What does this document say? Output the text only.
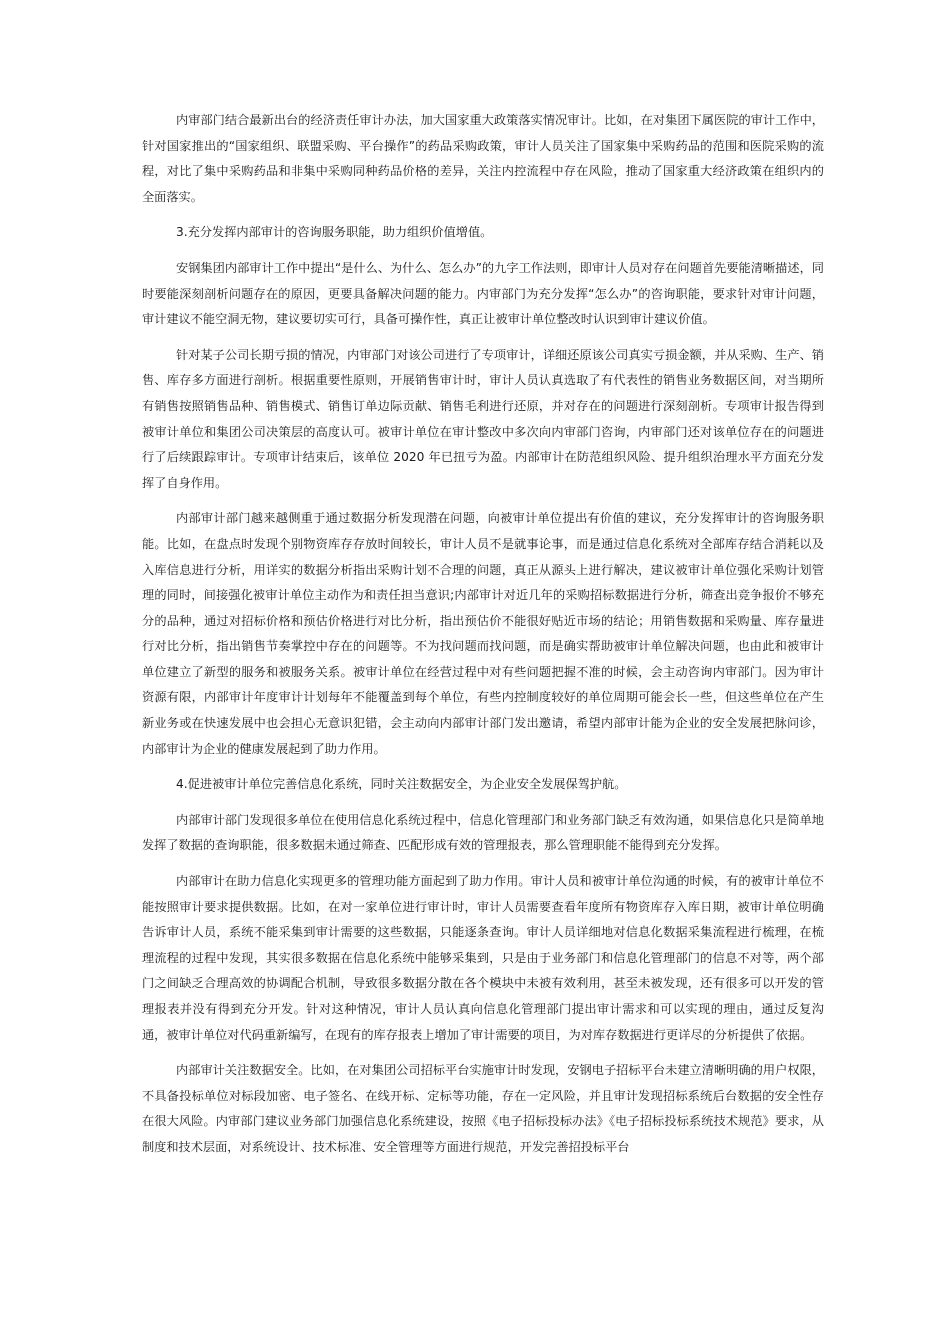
内审部门结合最新出台的经济责任审计办法，加大国家重大政策落实情况审计。比如，在对集团下属医院的审计工作中，针对国家推出的“国家组织、联盟采购、平台操作”的药品采购政策，审计人员关注了国家集中采购药品的范围和医院采购的流程，对比了集中采购药品和非集中采购同种药品价格的差异，关注内控流程中存在风险，推动了国家重大经济政策在组织内的全面落实。

3.充分发挥内部审计的咨询服务职能，助力组织价值增值。

安钢集团内部审计工作中提出“是什么、为什么、怎么办”的九字工作法则，即审计人员对存在问题首先要能清晰描述，同时要能深刻剖析问题存在的原因，更要具备解决问题的能力。内审部门为充分发挥“怎么办”的咨询职能，要求针对审计问题，审计建议不能空洞无物，建议要切实可行，具备可操作性，真正让被审计单位整改时认识到审计建议价值。

针对某子公司长期亏损的情况，内审部门对该公司进行了专项审计，详细还原该公司真实亏损金额，并从采购、生产、销售、库存多方面进行剖析。根据重要性原则，开展销售审计时，审计人员认真选取了有代表性的销售业务数据区间，对当期所有销售按照销售品种、销售模式、销售订单边际贡献、销售毛利进行还原，并对存在的问题进行深刻剖析。专项审计报告得到被审计单位和集团公司决策层的高度认可。被审计单位在审计整改中多次向内审部门咨询，内审部门还对该单位存在的问题进行了后续跟踪审计。专项审计结束后，该单位 2020 年已扭亏为盈。内部审计在防范组织风险、提升组织治理水平方面充分发挥了自身作用。

内部审计部门越来越侧重于通过数据分析发现潜在问题，向被审计单位提出有价值的建议，充分发挥审计的咨询服务职能。比如，在盘点时发现个别物资库存存放时间较长，审计人员不是就事论事，而是通过信息化系统对全部库存结合消耗以及入库信息进行分析，用详实的数据分析指出采购计划不合理的问题，真正从源头上进行解决，建议被审计单位强化采购计划管理的同时，间接强化被审计单位主动作为和责任担当意识;内部审计对近几年的采购招标数据进行分析，筛查出竞争报价不够充分的品种，通过对招标价格和预估价格进行对比分析，指出预估价不能很好贴近市场的结论；用销售数据和采购量、库存量进行对比分析，指出销售节奏掌控中存在的问题等。不为找问题而找问题，而是确实帮助被审计单位解决问题，也由此和被审计单位建立了新型的服务和被服务关系。被审计单位在经营过程中对有些问题把握不准的时候，会主动咨询内审部门。因为审计资源有限，内部审计年度审计计划每年不能覆盖到每个单位，有些内控制度较好的单位周期可能会长一些，但这些单位在产生新业务或在快速发展中也会担心无意识犯错，会主动向内部审计部门发出邀请，希望内部审计能为企业的安全发展把脉问诊，内部审计为企业的健康发展起到了助力作用。

4.促进被审计单位完善信息化系统，同时关注数据安全，为企业安全发展保驾护航。

内部审计部门发现很多单位在使用信息化系统过程中，信息化管理部门和业务部门缺乏有效沟通，如果信息化只是简单地发挥了数据的查询职能，很多数据未通过筛查、匹配形成有效的管理报表，那么管理职能不能得到充分发挥。

内部审计在助力信息化实现更多的管理功能方面起到了助力作用。审计人员和被审计单位沟通的时候，有的被审计单位不能按照审计要求提供数据。比如，在对一家单位进行审计时，审计人员需要查看年度所有物资库存入库日期，被审计单位明确告诉审计人员，系统不能采集到审计需要的这些数据，只能逐条查询。审计人员详细地对信息化数据采集流程进行梳理，在梳理流程的过程中发现，其实很多数据在信息化系统中能够采集到，只是由于业务部门和信息化管理部门的信息不对等，两个部门之间缺乏合理高效的协调配合机制，导致很多数据分散在各个模块中未被有效利用，甚至未被发现，还有很多可以开发的管理报表并没有得到充分开发。针对这种情况，审计人员认真向信息化管理部门提出审计需求和可以实现的理由，通过反复沟通，被审计单位对代码重新编写，在现有的库存报表上增加了审计需要的项目，为对库存数据进行更详尽的分析提供了依据。

内部审计关注数据安全。比如，在对集团公司招标平台实施审计时发现，安钢电子招标平台未建立清晰明确的用户权限，不具备投标单位对标段加密、电子签名、在线开标、定标等功能，存在一定风险，并且审计发现招标系统后台数据的安全性存在很大风险。内审部门建议业务部门加强信息化系统建设，按照《电子招标投标办法》《电子招标投标系统技术规范》要求，从制度和技术层面，对系统设计、技术标准、安全管理等方面进行规范，开发完善招投标平台
